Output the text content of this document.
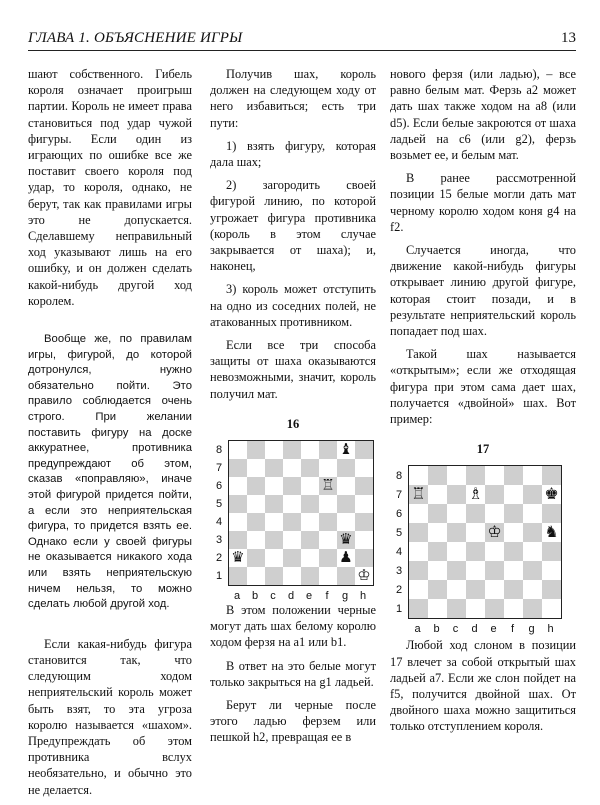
ГЛАВА 1. ОБЪЯСНЕНИЕ ИГРЫ	13

шают собственного. Гибель короля означает проигрыш партии. Король не имеет права становиться под удар чужой фигуры. Если один из играющих по ошибке все же поставит своего короля под удар, то короля, однако, не берут, так как правилами игры это не допускается. Сделавшему неправильный ход указывают лишь на его ошибку, и он должен сделать какой-нибудь другой ход королем.

Вообще же, по правилам игры, фигурой, до которой дотронулся, нужно обязательно пойти. Это правило соблюдается очень строго. При желании поставить фигуру на доске аккуратнее, противника предупреждают об этом, сказав «поправляю», иначе этой фигурой придется пойти, а если это неприятельская фигура, то придется взять ее. Однако если у своей фигуры не оказывается никакого хода или взять неприятельскую ничем нельзя, то можно сделать любой другой ход.

Если какая-нибудь фигура становится так, что следующим ходом неприятельский король может быть взят, то эта угроза королю называется «шахом». Предупреждать об этом противника вслух необязательно, и обычно это не делается.

Получив шах, король должен на следующем ходу от него избавиться; есть три пути:

1) взять фигуру, которая дала шах;

2) загородить своей фигурой линию, по которой угрожает фигура противника (король в этом случае закрывается от шаха); и, наконец,

3) король может отступить на одно из соседних полей, не атакованных противником.

Если все три способа защиты от шаха оказываются невозможными, значит, король получил мат.

16
♝
♖
♛
♛	♟
♔
8
7
6
5
4
3
2
1
a	b	c	d	e	f	g	h

В этом положении черные могут дать шах белому королю ходом ферзя на a1 или b1.

В ответ на это белые могут только закрыться на g1 ладьей.

Берут ли черные после этого ладью ферзем или пешкой h2, превращая ее в

нового ферзя (или ладью), – все равно белым мат. Ферзь a2 может дать шах также ходом на a8 (или d5). Если белые закроются от шаха ладьей на c6 (или g2), ферзь возьмет ее, и белым мат.

В ранее рассмотренной позиции 15 белые могли дать мат черному королю ходом коня g4 на f2.

Случается иногда, что движение какой-нибудь фигуры открывает линию другой фигуре, которая стоит позади, и в результате неприятельский король попадает под шах.

Такой шах называется «открытым»; если же отходящая фигура при этом сама дает шах, получается «двойной» шах. Вот пример:

17
♖	♗	♚
♔	♞
8
7
6
5
4
3
2
1
a	b	c	d	e	f	g	h

Любой ход слоном в позиции 17 влечет за собой открытый шах ладьей a7. Если же слон пойдет на f5, получится двойной шах. От двойного шаха можно защититься только отступлением короля.
